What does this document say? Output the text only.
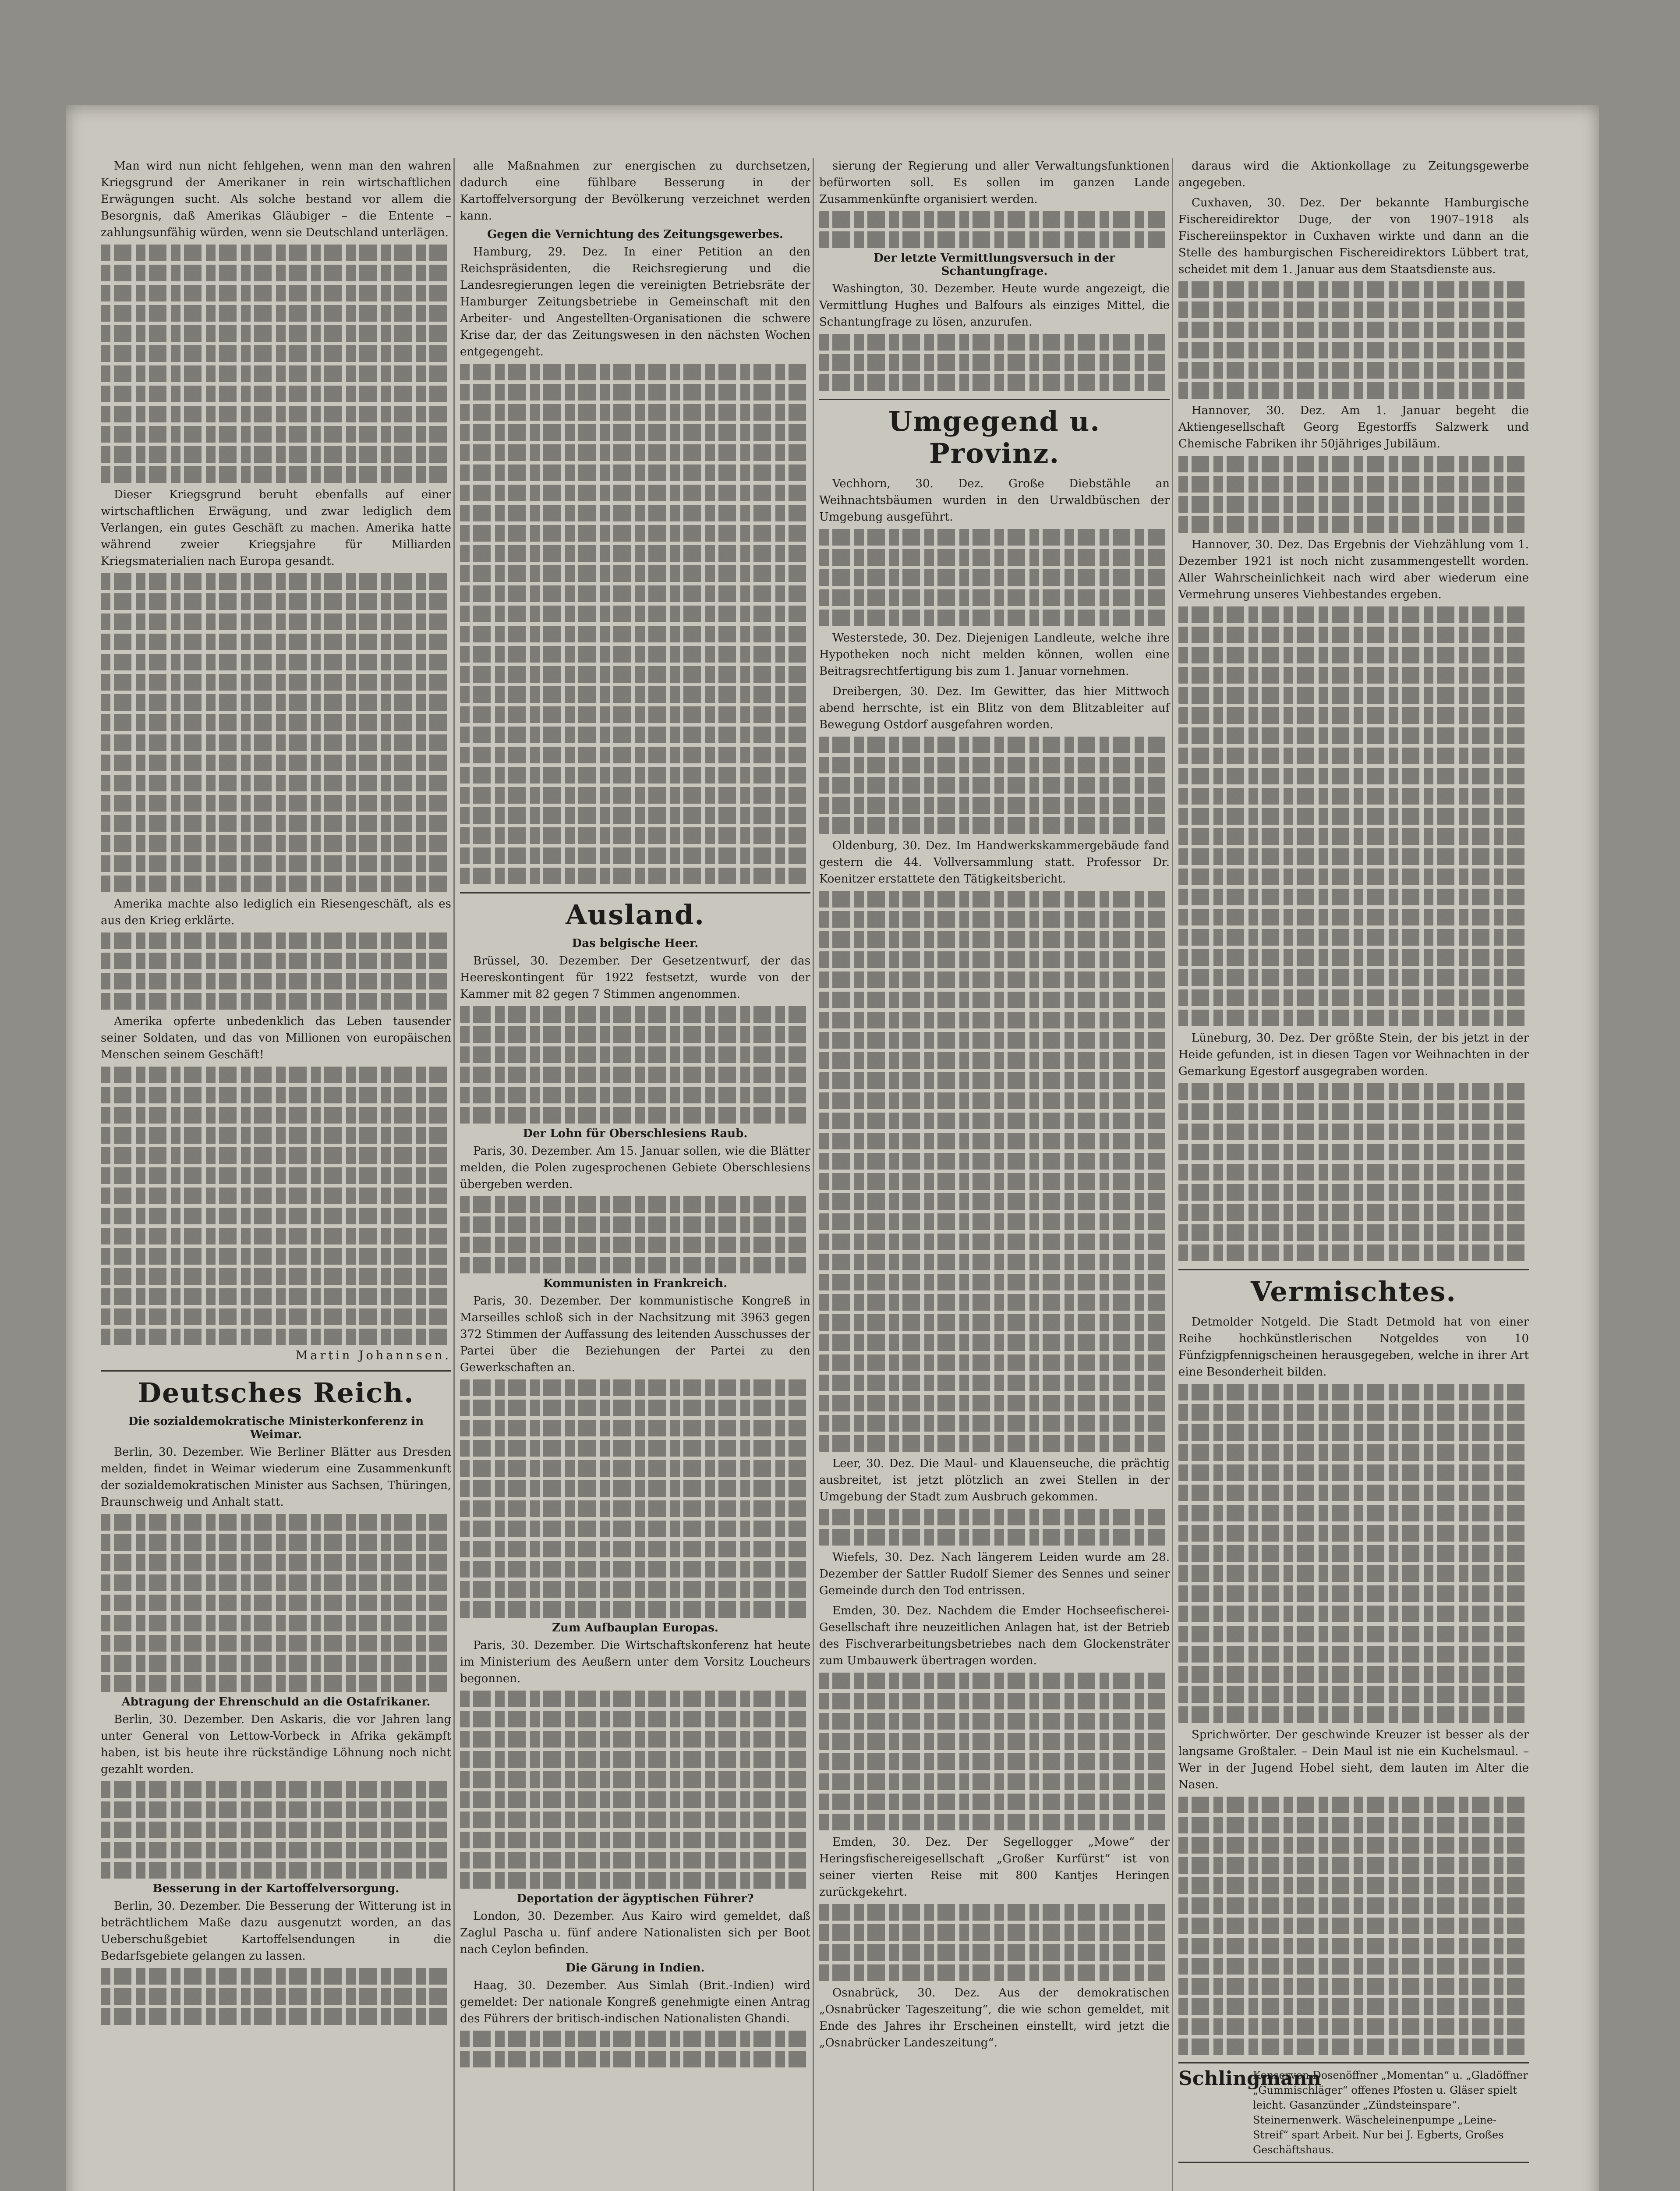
Man wird nun nicht fehlgehen, wenn man den wahren Kriegsgrund der Amerikaner in rein wirtschaftlichen Erwägungen sucht. Als solche bestand vor allem die Besorgnis, daß Amerikas Gläubiger – die Entente – zahlungsunfähig würden, wenn sie Deutschland unterlägen.

Dieser Kriegsgrund beruht ebenfalls auf einer wirtschaftlichen Erwägung, und zwar lediglich dem Verlangen, ein gutes Geschäft zu machen. Amerika hatte während zweier Kriegsjahre für Milliarden Kriegsmaterialien nach Europa gesandt.

Amerika machte also lediglich ein Riesengeschäft, als es aus den Krieg erklärte.

Amerika opferte unbedenklich das Leben tausender seiner Soldaten, und das von Millionen von europäischen Menschen seinem Geschäft!

Martin Johannsen.
Deutsches Reich.
Die sozialdemokratische Ministerkonferenz in Weimar.

Berlin, 30. Dezember. Wie Berliner Blätter aus Dresden melden, findet in Weimar wiederum eine Zusammenkunft der sozialdemokratischen Minister aus Sachsen, Thüringen, Braunschweig und Anhalt statt.

Abtragung der Ehrenschuld an die Ostafrikaner.

Berlin, 30. Dezember. Den Askaris, die vor Jahren lang unter General von Lettow-Vorbeck in Afrika gekämpft haben, ist bis heute ihre rückständige Löhnung noch nicht gezahlt worden.

Besserung in der Kartoffelversorgung.

Berlin, 30. Dezember. Die Besserung der Witterung ist in beträchtlichem Maße dazu ausgenutzt worden, an das Ueberschußgebiet Kartoffelsendungen in die Bedarfsgebiete gelangen zu lassen.

alle Maßnahmen zur energischen zu durchsetzen, dadurch eine fühlbare Besserung in der Kartoffelversorgung der Bevölkerung verzeichnet werden kann.

Gegen die Vernichtung des Zeitungsgewerbes.

Hamburg, 29. Dez. In einer Petition an den Reichspräsidenten, die Reichsregierung und die Landesregierungen legen die vereinigten Betriebsräte der Hamburger Zeitungsbetriebe in Gemeinschaft mit den Arbeiter- und Angestellten-Organisationen die schwere Krise dar, der das Zeitungswesen in den nächsten Wochen entgegengeht.

Ausland.
Das belgische Heer.

Brüssel, 30. Dezember. Der Gesetzentwurf, der das Heereskontingent für 1922 festsetzt, wurde von der Kammer mit 82 gegen 7 Stimmen angenommen.

Der Lohn für Oberschlesiens Raub.

Paris, 30. Dezember. Am 15. Januar sollen, wie die Blätter melden, die Polen zugesprochenen Gebiete Oberschlesiens übergeben werden.

Kommunisten in Frankreich.

Paris, 30. Dezember. Der kommunistische Kongreß in Marseilles schloß sich in der Nachsitzung mit 3963 gegen 372 Stimmen der Auffassung des leitenden Ausschusses der Partei über die Beziehungen der Partei zu den Gewerkschaften an.

Zum Aufbauplan Europas.

Paris, 30. Dezember. Die Wirtschaftskonferenz hat heute im Ministerium des Aeußern unter dem Vorsitz Loucheurs begonnen.

Deportation der ägyptischen Führer?

London, 30. Dezember. Aus Kairo wird gemeldet, daß Zaglul Pascha u. fünf andere Nationalisten sich per Boot nach Ceylon befinden.

Die Gärung in Indien.

Haag, 30. Dezember. Aus Simlah (Brit.-Indien) wird gemeldet: Der nationale Kongreß genehmigte einen Antrag des Führers der britisch-indischen Nationalisten Ghandi.

sierung der Regierung und aller Verwaltungsfunktionen befürworten soll. Es sollen im ganzen Lande Zusammenkünfte organisiert werden.

Der letzte Vermittlungsversuch in der Schantungfrage.

Washington, 30. Dezember. Heute wurde angezeigt, die Vermittlung Hughes und Balfours als einziges Mittel, die Schantungfrage zu lösen, anzurufen.

Umgegend u. Provinz.

Vechhorn, 30. Dez. Große Diebstähle an Weihnachtsbäumen wurden in den Urwaldbüschen der Umgebung ausgeführt.

Westerstede, 30. Dez. Diejenigen Landleute, welche ihre Hypotheken noch nicht melden können, wollen eine Beitragsrechtfertigung bis zum 1. Januar vornehmen.

Dreibergen, 30. Dez. Im Gewitter, das hier Mittwoch abend herrschte, ist ein Blitz von dem Blitzableiter auf Bewegung Ostdorf ausgefahren worden.

Oldenburg, 30. Dez. Im Handwerkskammergebäude fand gestern die 44. Vollversammlung statt. Professor Dr. Koenitzer erstattete den Tätigkeitsbericht.

Leer, 30. Dez. Die Maul- und Klauenseuche, die prächtig ausbreitet, ist jetzt plötzlich an zwei Stellen in der Umgebung der Stadt zum Ausbruch gekommen.

Wiefels, 30. Dez. Nach längerem Leiden wurde am 28. Dezember der Sattler Rudolf Siemer des Sennes und seiner Gemeinde durch den Tod entrissen.

Emden, 30. Dez. Nachdem die Emder Hochseefischerei-Gesellschaft ihre neuzeitlichen Anlagen hat, ist der Betrieb des Fischverarbeitungsbetriebes nach dem Glockensträter zum Umbauwerk übertragen worden.

Emden, 30. Dez. Der Segellogger „Mowe“ der Heringsfischereigesellschaft „Großer Kurfürst“ ist von seiner vierten Reise mit 800 Kantjes Heringen zurückgekehrt.

Osnabrück, 30. Dez. Aus der demokratischen „Osnabrücker Tageszeitung“, die wie schon gemeldet, mit Ende des Jahres ihr Erscheinen einstellt, wird jetzt die „Osnabrücker Landeszeitung“.

daraus wird die Aktionkollage zu Zeitungsgewerbe angegeben.

Cuxhaven, 30. Dez. Der bekannte Hamburgische Fischereidirektor Duge, der von 1907–1918 als Fischereiinspektor in Cuxhaven wirkte und dann an die Stelle des hamburgischen Fischereidirektors Lübbert trat, scheidet mit dem 1. Januar aus dem Staatsdienste aus.

Hannover, 30. Dez. Am 1. Januar begeht die Aktiengesellschaft Georg Egestorffs Salzwerk und Chemische Fabriken ihr 50jähriges Jubiläum.

Hannover, 30. Dez. Das Ergebnis der Viehzählung vom 1. Dezember 1921 ist noch nicht zusammengestellt worden. Aller Wahrscheinlichkeit nach wird aber wiederum eine Vermehrung unseres Viehbestandes ergeben.

Lüneburg, 30. Dez. Der größte Stein, der bis jetzt in der Heide gefunden, ist in diesen Tagen vor Weihnachten in der Gemarkung Egestorf ausgegraben worden.

Vermischtes.

Detmolder Notgeld. Die Stadt Detmold hat von einer Reihe hochkünstlerischen Notgeldes von 10 Fünfzigpfennigscheinen herausgegeben, welche in ihrer Art eine Besonderheit bilden.

Sprichwörter. Der geschwinde Kreuzer ist besser als der langsame Großtaler. – Dein Maul ist nie ein Kuchelsmaul. – Wer in der Jugend Hobel sieht, dem lauten im Alter die Nasen.

Schlingmann
Konserven-Dosenöffner „Momentan“ u. „Gladöffner „Gummischläger“ offenes Pfosten u. Gläser spielt leicht. Gasanzünder „Zündsteinspare“. Steinernenwerk. Wäscheleinenpumpe „Leine-Streif“ spart Arbeit. Nur bei J. Egberts, Großes Geschäftshaus.
